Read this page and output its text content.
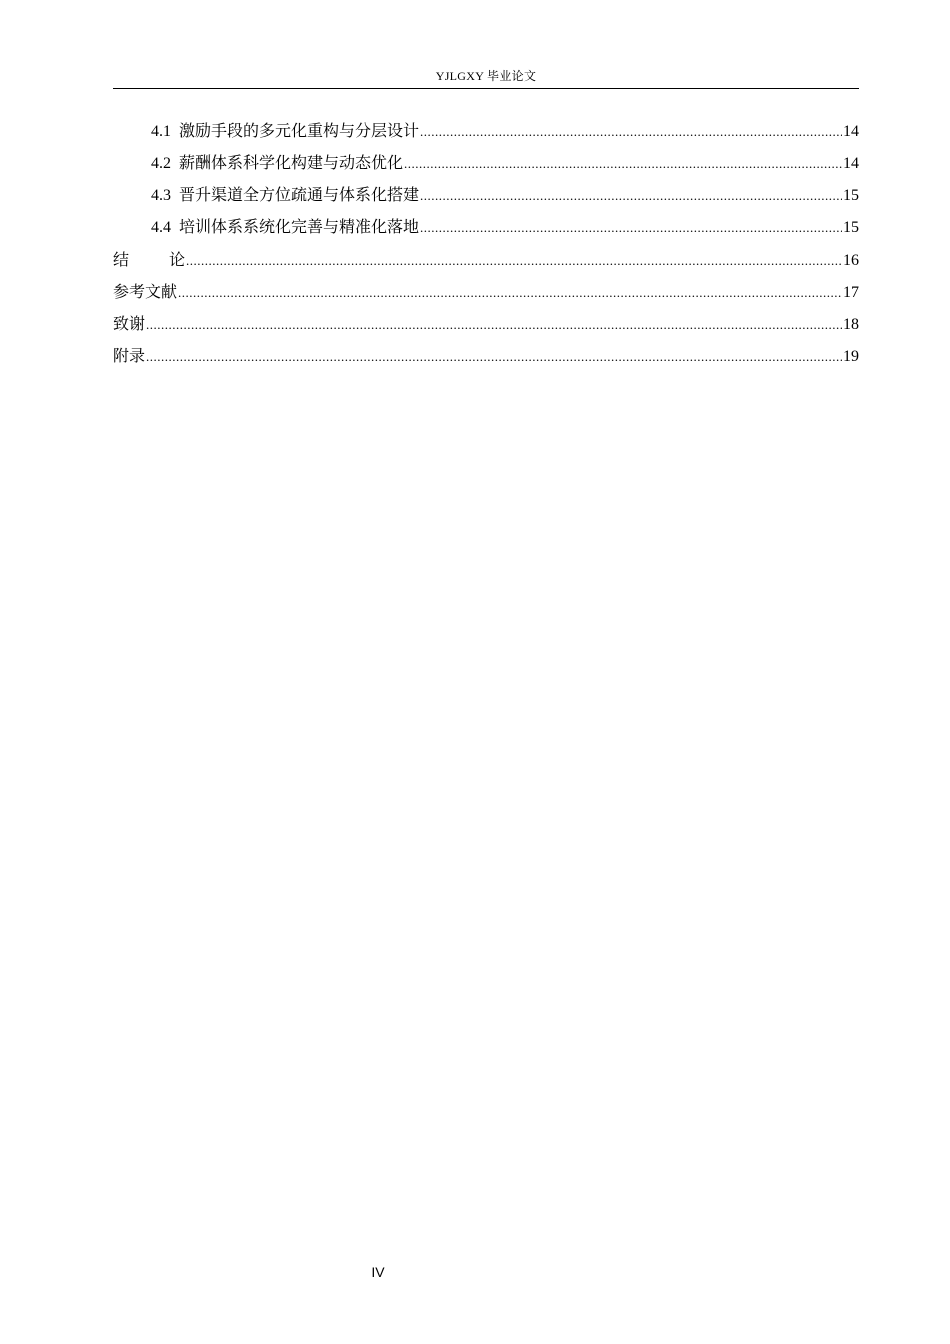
YJLGXY 毕业论文
4.1 激励手段的多元化重构与分层设计 .....	14
4.2 薪酬体系科学化构建与动态优化 .....	14
4.3 晋升渠道全方位疏通与体系化搭建 .....	15
4.4 培训体系系统化完善与精准化落地 .....	15
结	论 .....	16
参考文献 .....	17
致谢 .....	18
附录 .....	19
IV
